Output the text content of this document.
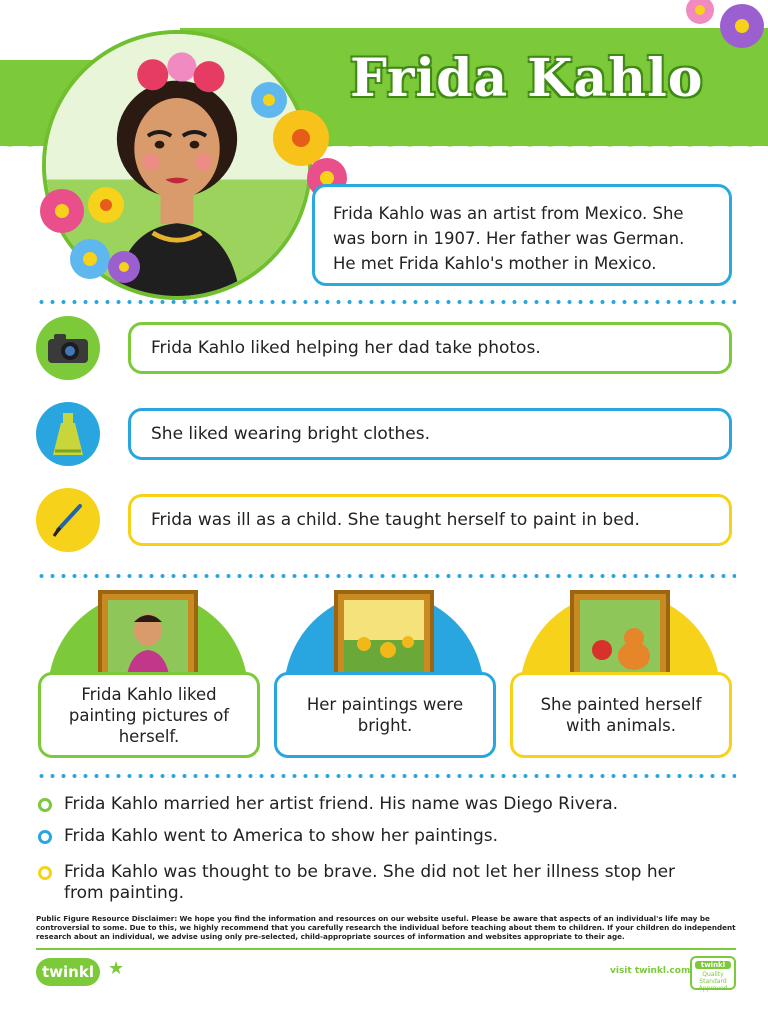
Frida Kahlo

Frida Kahlo was an artist from Mexico. She was born in 1907. Her father was German. He met Frida Kahlo's mother in Mexico.

Frida Kahlo liked helping her dad take photos.
She liked wearing bright clothes.
Frida was ill as a child. She taught herself to paint in bed.
Frida Kahlo liked painting pictures of herself.
Her paintings were bright.
She painted herself with animals.
Frida Kahlo married her artist friend. His name was Diego Rivera.
Frida Kahlo went to America to show her paintings.
Frida Kahlo was thought to be brave. She did not let her illness stop her from painting.

Public Figure Resource Disclaimer: We hope you find the information and resources on our website useful. Please be aware that aspects of an individual's life may be controversial to some. Due to this, we highly recommend that you carefully research the individual before teaching about them to children. If your children do independent research about an individual, we advise using only pre-selected, child-appropriate sources of information and websites appropriate to their age.

twinkl ★	visit twinkl.com
twinkl
Quality Standard Approved
